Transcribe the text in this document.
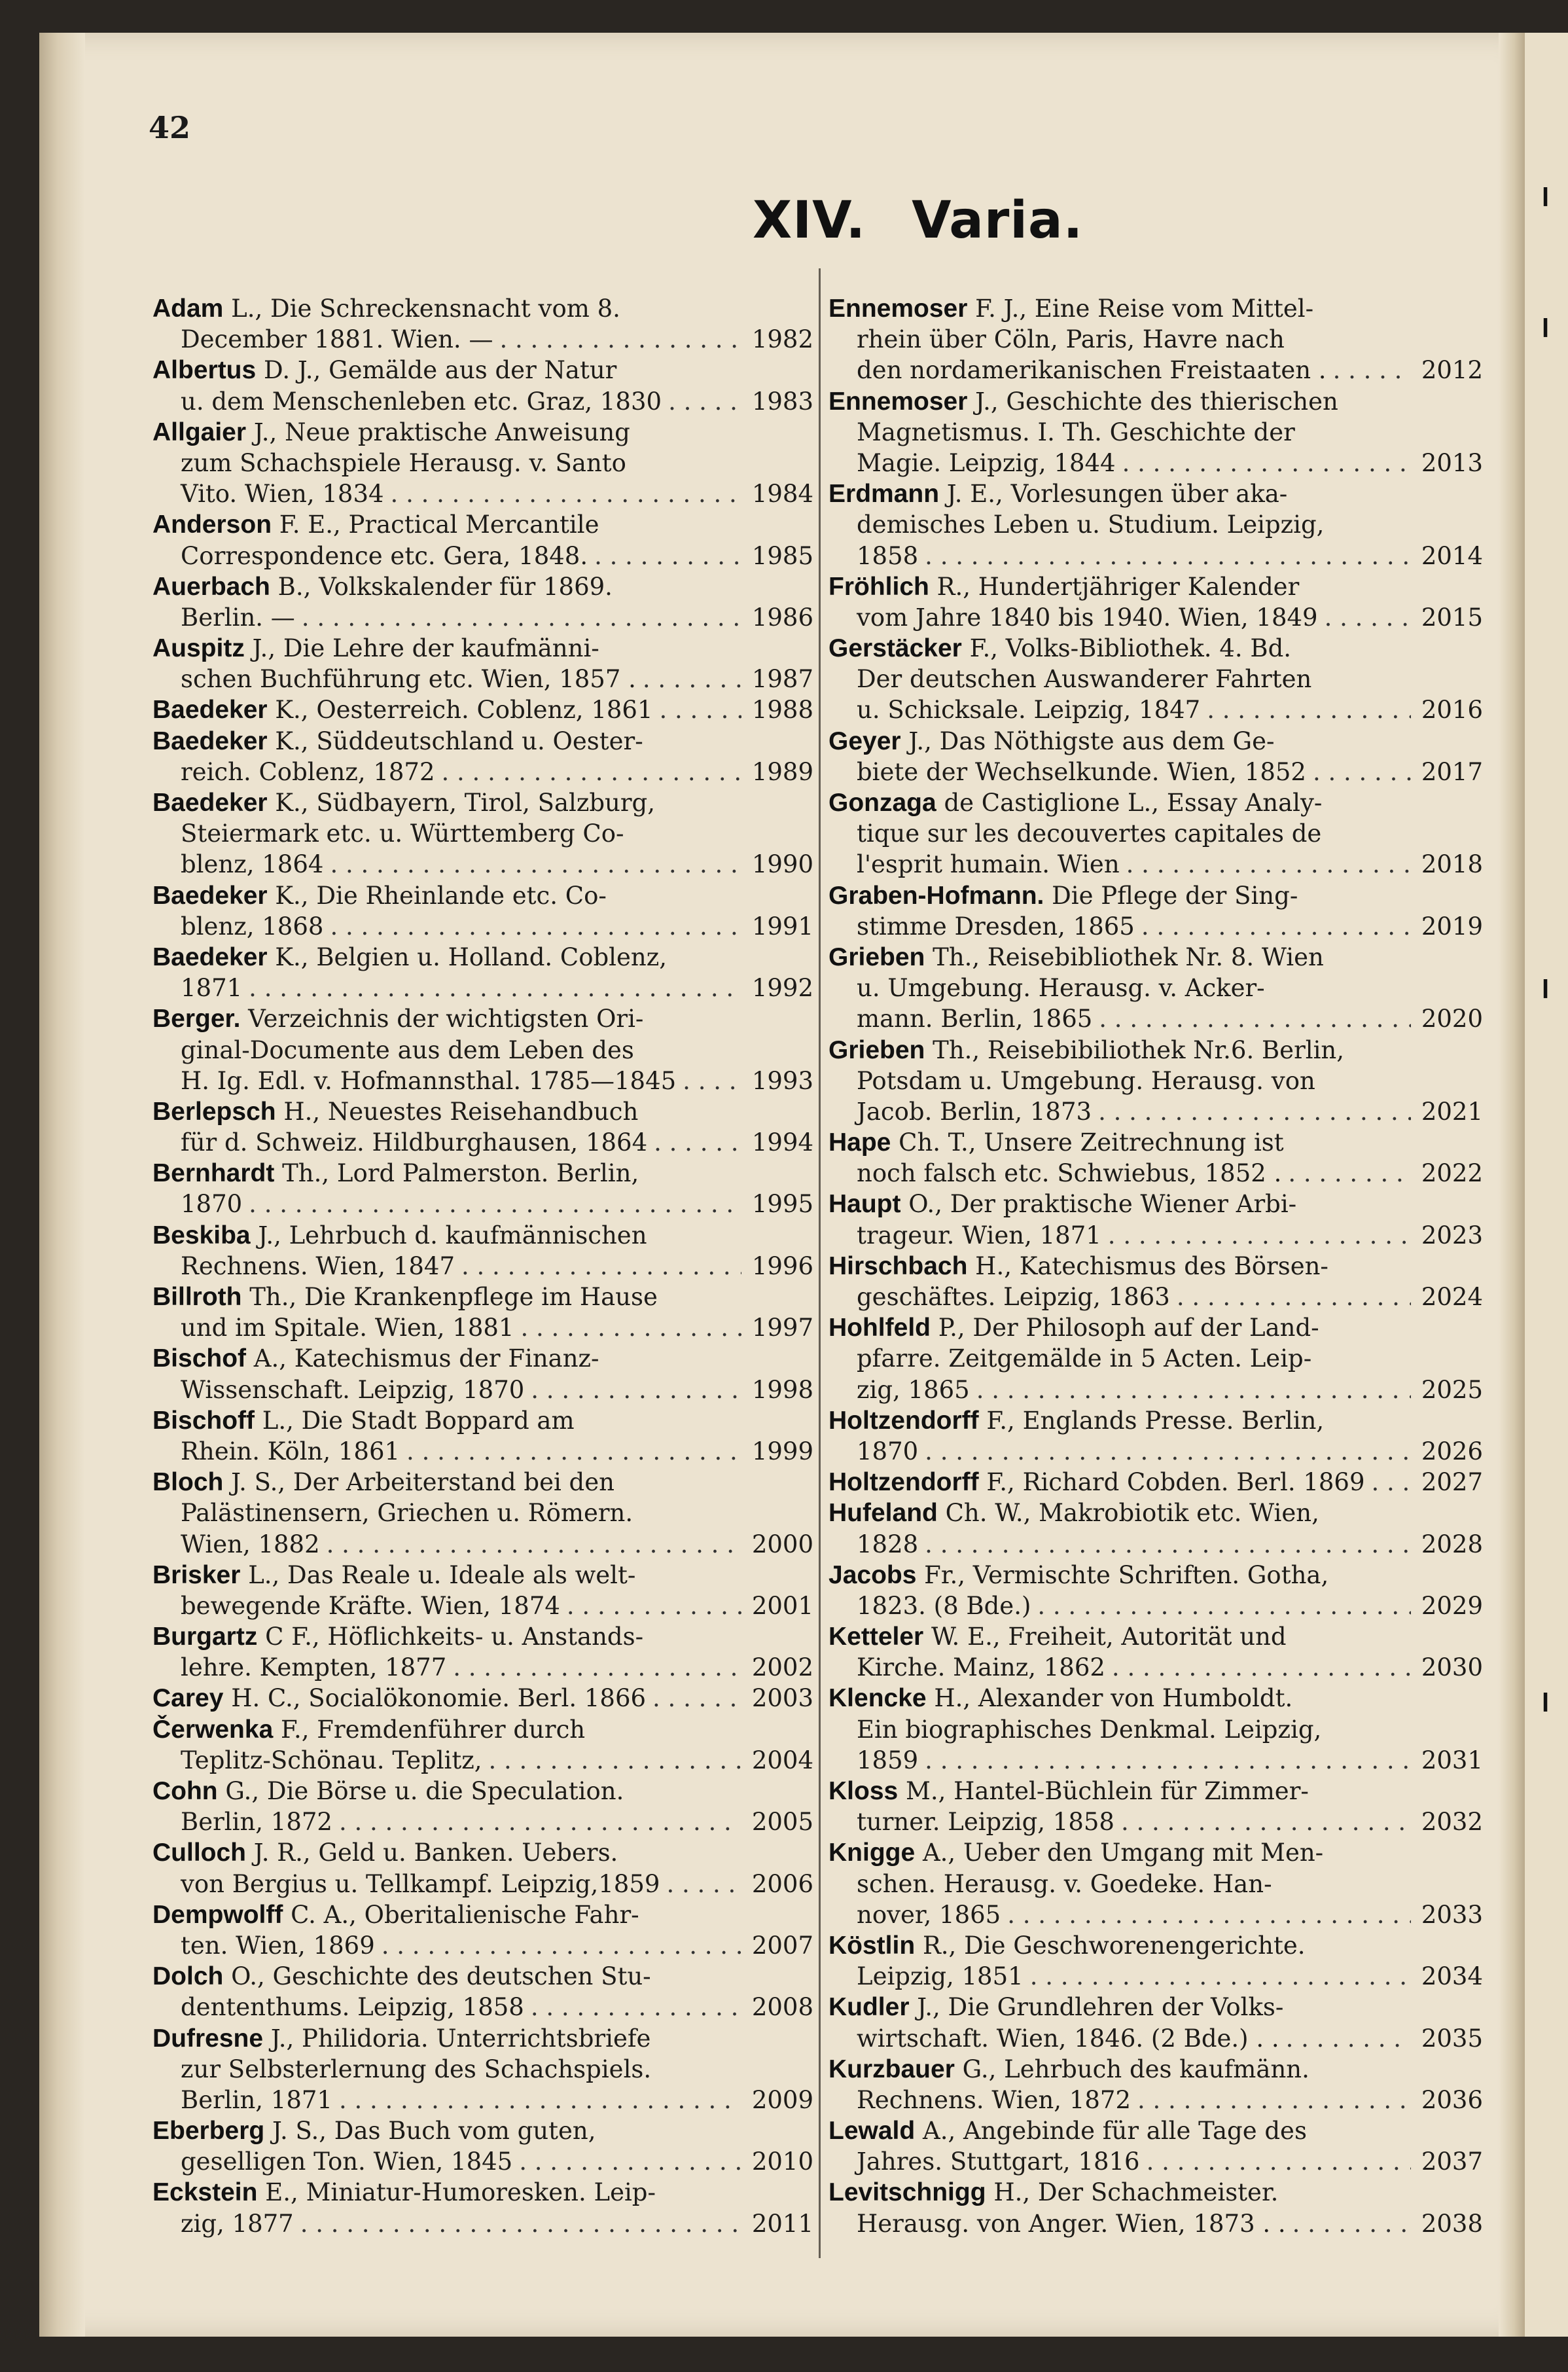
42
XIV. Varia.
Adam
L., Die Schreckensnacht vom 8.
December 1881. Wien. — . . .	1982
Albertus
D. J., Gemälde aus der Natur
u. dem Menschenleben etc. Graz, 1830 . . .	1983
Allgaier
J., Neue praktische Anweisung
zum Schachspiele Herausg. v. Santo
Vito. Wien, 1834 . . .	1984
Anderson
F. E., Practical Mercantile
Correspondence etc. Gera, 1848. . . .	1985
Auerbach
B., Volkskalender für 1869.
Berlin. — . . .	1986
Auspitz
J., Die Lehre der kaufmänni-
schen Buchführung etc. Wien, 1857 . . . .	1987
Baedeker
K., Oesterreich. Coblenz, 1861 . . .	1988
Baedeker
K., Süddeutschland u. Oester-
reich. Coblenz, 1872 . . .	1989
Baedeker
K., Südbayern, Tirol, Salzburg,
Steiermark etc. u. Württemberg Co-
blenz, 1864 . . .	1990
Baedeker
K., Die Rheinlande etc. Co-
blenz, 1868 . . .	1991
Baedeker
K., Belgien u. Holland. Coblenz,
1871 . . .	1992
Berger.
Verzeichnis der wichtigsten Ori-
ginal-Documente aus dem Leben des
H. Ig. Edl. v. Hofmannsthal. 1785—1845 . . .	1993
Berlepsch
H., Neuestes Reisehandbuch
für d. Schweiz. Hildburghausen, 1864 . . .	1994
Bernhardt
Th., Lord Palmerston. Berlin,
1870 . . .	1995
Beskiba
J., Lehrbuch d. kaufmännischen
Rechnens. Wien, 1847 . . .	1996
Billroth
Th., Die Krankenpflege im Hause
und im Spitale. Wien, 1881 . . .	1997
Bischof
A., Katechismus der Finanz-
Wissenschaft. Leipzig, 1870 . . .	1998
Bischoff
L., Die Stadt Boppard am
Rhein. Köln, 1861 . . .	1999
Bloch
J. S., Der Arbeiterstand bei den
Palästinensern, Griechen u. Römern.
Wien, 1882 . . .	2000
Brisker
L., Das Reale u. Ideale als welt-
bewegende Kräfte. Wien, 1874 . . .	2001
Burgartz
C F., Höflichkeits- u. Anstands-
lehre. Kempten, 1877 . . .	2002
Carey
H. C., Socialökonomie. Berl. 1866 . . .	2003
Čerwenka
F., Fremdenführer durch
Teplitz-Schönau. Teplitz, . . .	2004
Cohn
G., Die Börse u. die Speculation.
Berlin, 1872 . . .	2005
Culloch
J. R., Geld u. Banken. Uebers.
von Bergius u. Tellkampf. Leipzig,1859 . . .	2006
Dempwolff
C. A., Oberitalienische Fahr-
ten. Wien, 1869 . . .	2007
Dolch
O., Geschichte des deutschen Stu-
dententhums. Leipzig, 1858 . . .	2008
Dufresne
J., Philidoria. Unterrichtsbriefe
zur Selbsterlernung des Schachspiels.
Berlin, 1871 . . .	2009
Eberberg
J. S., Das Buch vom guten,
geselligen Ton. Wien, 1845 . . .	2010
Eckstein
E., Miniatur-Humoresken. Leip-
zig, 1877 . . .	2011
Ennemoser
F. J., Eine Reise vom Mittel-
rhein über Cöln, Paris, Havre nach
den nordamerikanischen Freistaaten . . . .	2012
Ennemoser
J., Geschichte des thierischen
Magnetismus. I. Th. Geschichte der
Magie. Leipzig, 1844 . . .	2013
Erdmann
J. E., Vorlesungen über aka-
demisches Leben u. Studium. Leipzig,
1858 . . .	2014
Fröhlich
R., Hundertjähriger Kalender
vom Jahre 1840 bis 1940. Wien, 1849 . . .	2015
Gerstäcker
F., Volks-Bibliothek. 4. Bd.
Der deutschen Auswanderer Fahrten
u. Schicksale. Leipzig, 1847 . . .	2016
Geyer
J., Das Nöthigste aus dem Ge-
biete der Wechselkunde. Wien, 1852 . . .	2017
Gonzaga
de Castiglione L., Essay Analy-
tique sur les decouvertes capitales de
l'esprit humain. Wien . . .	2018
Graben-Hofmann.
Die Pflege der Sing-
stimme Dresden, 1865 . . .	2019
Grieben
Th., Reisebibliothek Nr. 8. Wien
u. Umgebung. Herausg. v. Acker-
mann. Berlin, 1865 . . .	2020
Grieben
Th., Reisebibiliothek Nr.6. Berlin,
Potsdam u. Umgebung. Herausg. von
Jacob. Berlin, 1873 . . .	2021
Hape
Ch. T., Unsere Zeitrechnung ist
noch falsch etc. Schwiebus, 1852 . . . .	2022
Haupt
O., Der praktische Wiener Arbi-
trageur. Wien, 1871 . . .	2023
Hirschbach
H., Katechismus des Börsen-
geschäftes. Leipzig, 1863 . . .	2024
Hohlfeld
P., Der Philosoph auf der Land-
pfarre. Zeitgemälde in 5 Acten. Leip-
zig, 1865 . . .	2025
Holtzendorff
F., Englands Presse. Berlin,
1870 . . .	2026
Holtzendorff
F., Richard Cobden. Berl. 1869 . . . 2027
Hufeland
Ch. W., Makrobiotik etc. Wien,
1828 . . .	2028
Jacobs
Fr., Vermischte Schriften. Gotha,
1823. (8 Bde.) . . .	2029
Ketteler
W. E., Freiheit, Autorität und
Kirche. Mainz, 1862 . . .	2030
Klencke
H., Alexander von Humboldt.
Ein biographisches Denkmal. Leipzig,
1859 . . .	2031
Kloss
M., Hantel-Büchlein für Zimmer-
turner. Leipzig, 1858 . . .	2032
Knigge
A., Ueber den Umgang mit Men-
schen. Herausg. v. Goedeke. Han-
nover, 1865 . . .	2033
Köstlin
R., Die Geschworenengerichte.
Leipzig, 1851 . . .	2034
Kudler
J., Die Grundlehren der Volks-
wirtschaft. Wien, 1846. (2 Bde.) . . . . .	2035
Kurzbauer
G., Lehrbuch des kaufmänn.
Rechnens. Wien, 1872 . . .	2036
Lewald
A., Angebinde für alle Tage des
Jahres. Stuttgart, 1816 . . .	2037
Levitschnigg
H., Der Schachmeister.
Herausg. von Anger. Wien, 1873 . . . . .	2038
l
l
l
l
